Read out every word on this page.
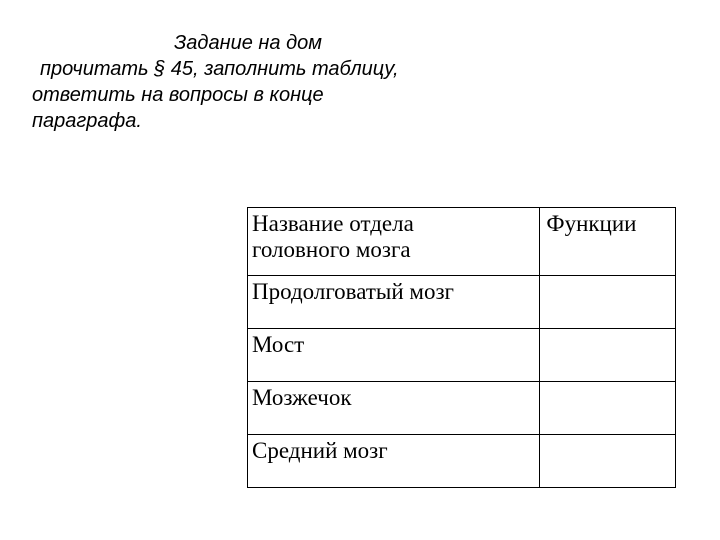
Задание на дом
прочитать § 45, заполнить таблицу,
ответить на вопросы в конце
параграфа.
Название отдела
головного мозга	Функции

Продолговатый мозг	
Мост	
Мозжечок	
Средний мозг	
